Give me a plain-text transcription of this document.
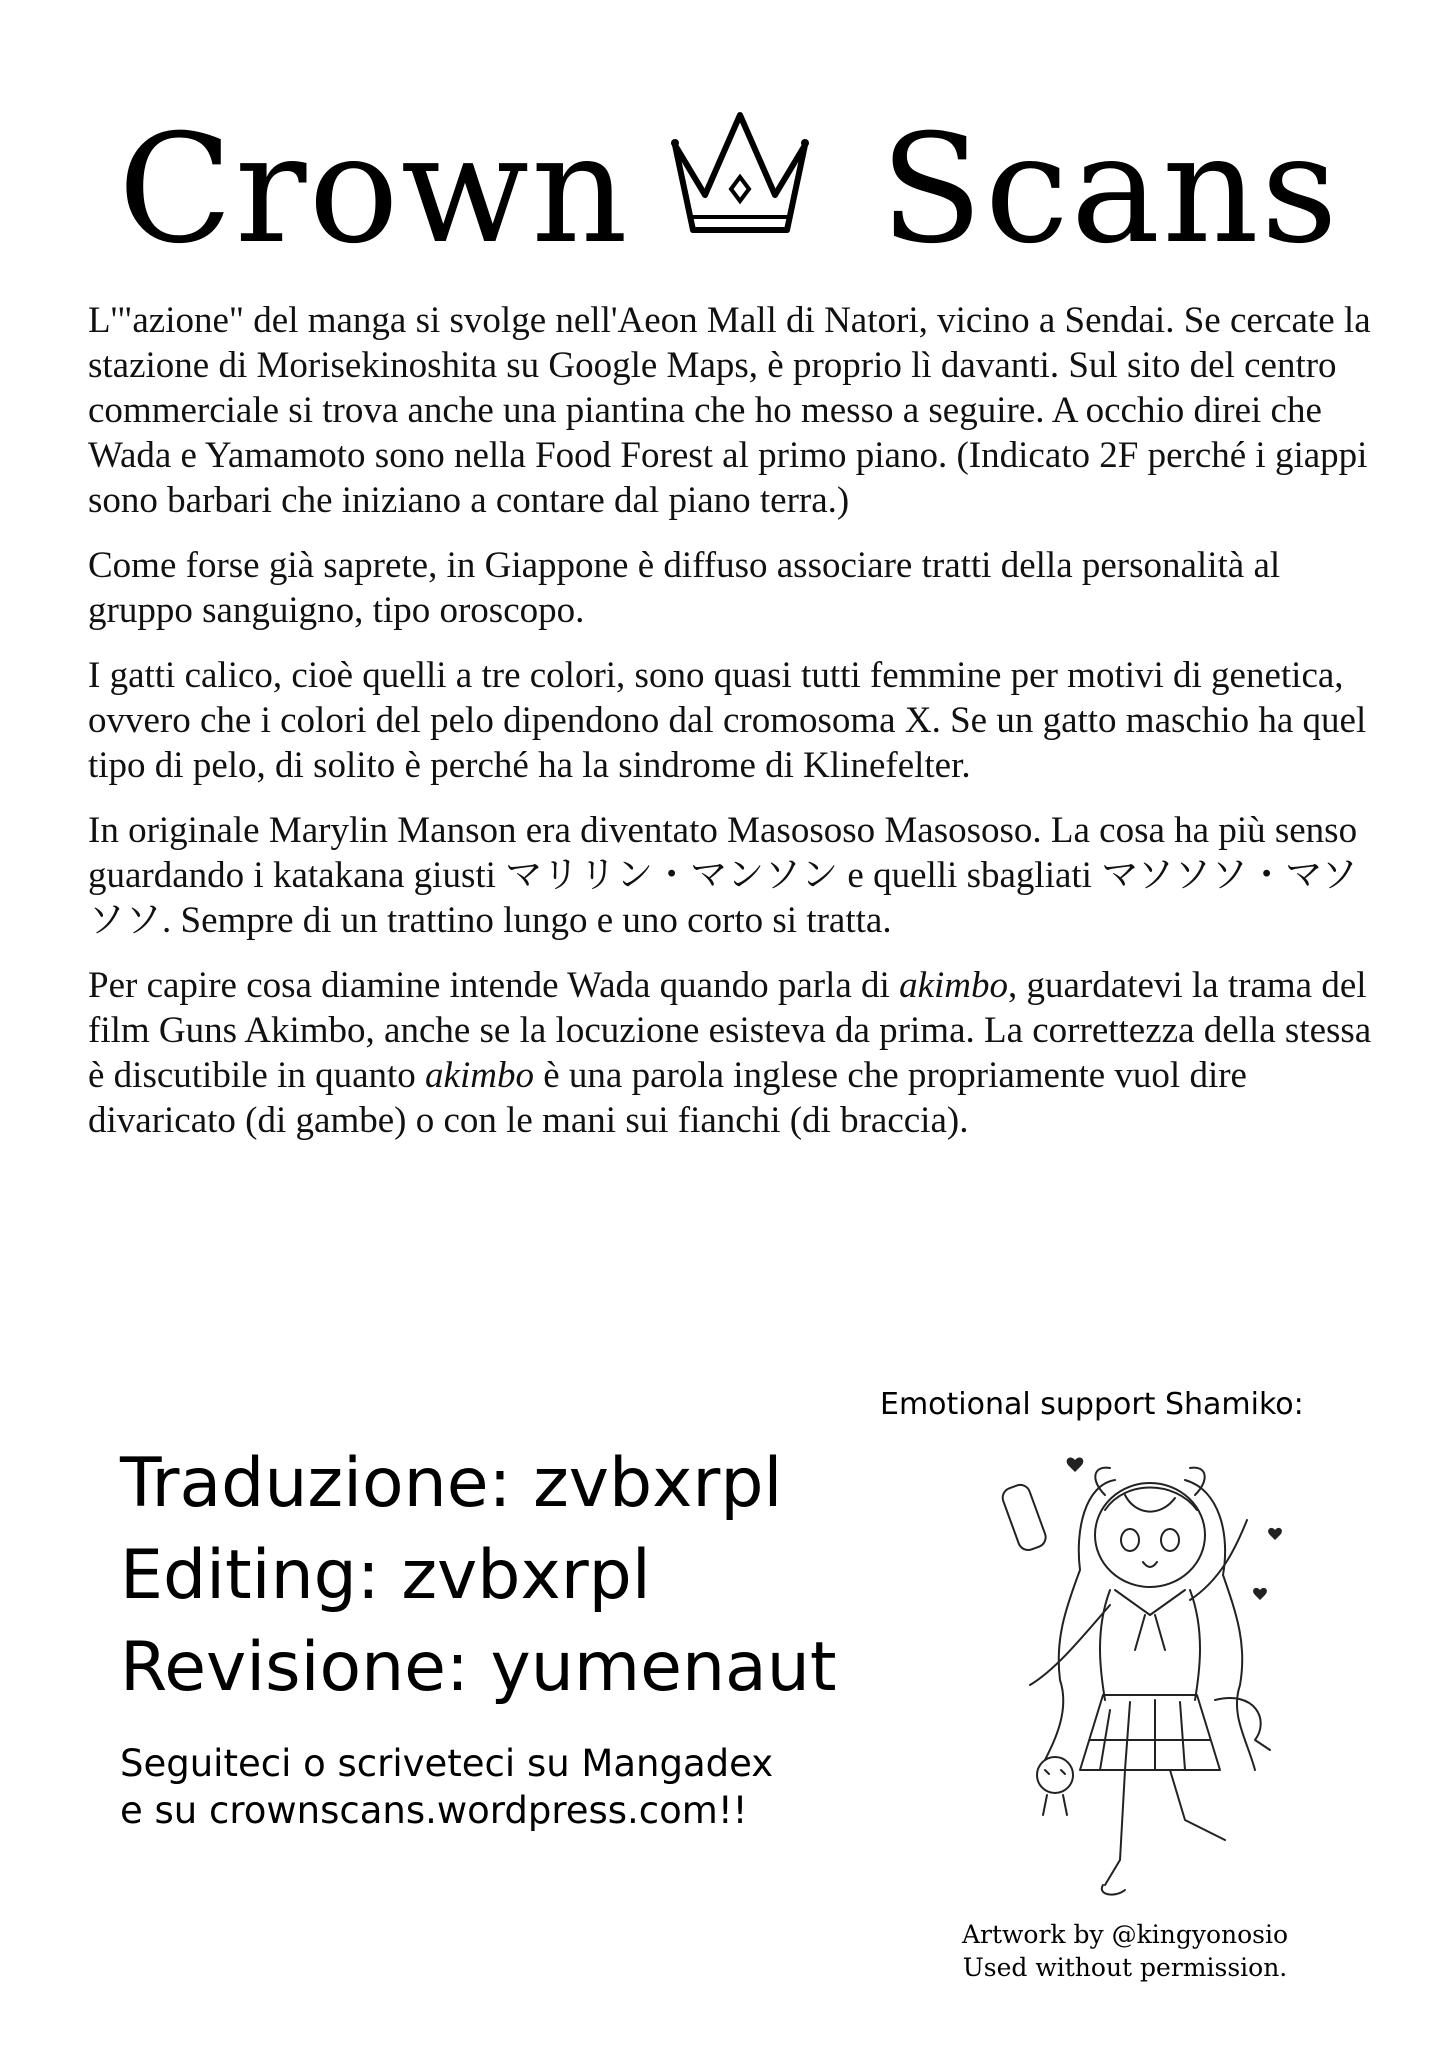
Crown Scans

L'"azione" del manga si svolge nell'Aeon Mall di Natori, vicino a Sendai. Se cercate la stazione di Morisekinoshita su Google Maps, è proprio lì davanti. Sul sito del centro commerciale si trova anche una piantina che ho messo a seguire. A occhio direi che Wada e Yamamoto sono nella Food Forest al primo piano. (Indicato 2F perché i giappi sono barbari che iniziano a contare dal piano terra.)

Come forse già saprete, in Giappone è diffuso associare tratti della personalità al gruppo sanguigno, tipo oroscopo.

I gatti calico, cioè quelli a tre colori, sono quasi tutti femmine per motivi di genetica, ovvero che i colori del pelo dipendono dal cromosoma X. Se un gatto maschio ha quel tipo di pelo, di solito è perché ha la sindrome di Klinefelter.

In originale Marylin Manson era diventato Masososo Masososo. La cosa ha più senso guardando i katakana giusti マリリン・マンソン e quelli sbagliati マソソソ・マソソソ. Sempre di un trattino lungo e uno corto si tratta.

Per capire cosa diamine intende Wada quando parla di akimbo, guardatevi la trama del film Guns Akimbo, anche se la locuzione esisteva da prima. La correttezza della stessa è discutibile in quanto akimbo è una parola inglese che propriamente vuol dire divaricato (di gambe) o con le mani sui fianchi (di braccia).

Emotional support Shamiko:
Artwork by @kingyonosio
Used without permission.
Traduzione: zvbxrpl
Editing: zvbxrpl
Revisione: yumenaut
Seguiteci o scriveteci su Mangadex
e su crownscans.wordpress.com!!
